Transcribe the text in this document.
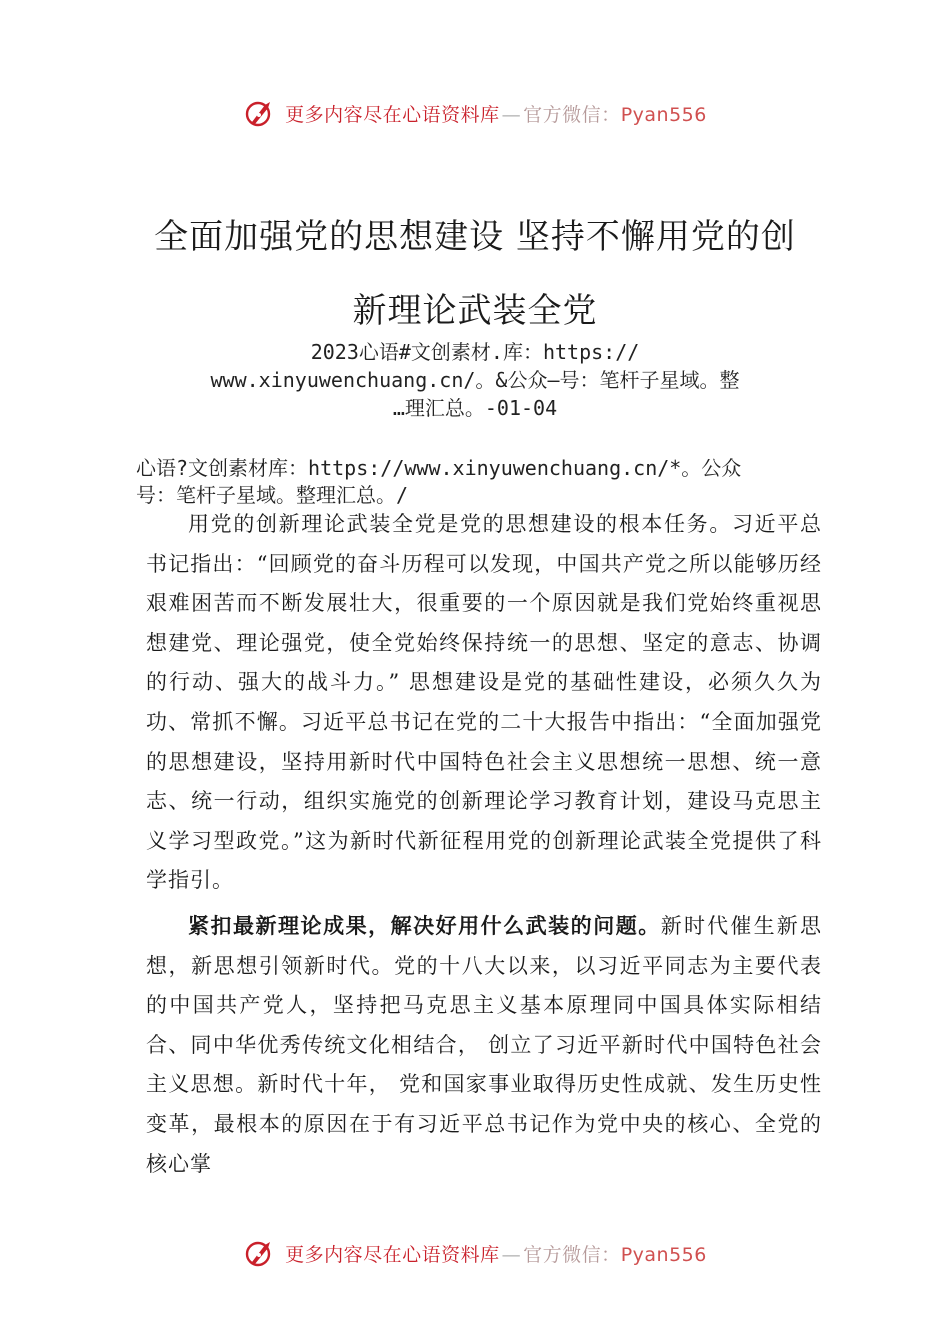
更多内容尽在心语资料库 — 官方微信：Pyan556
全面加强党的思想建设 坚持不懈用党的创
新理论武装全党
2023心语#文创素材.库：https://
www.xinyuwenchuang.cn/。&公众—号：笔杆子星域。整
…理汇总。-01-04
心语?文创素材库：https://www.xinyuwenchuang.cn/*。公众
号：笔杆子星域。整理汇总。/

用党的创新理论武装全党是党的思想建设的根本任务。习近平总书记指出：“回顾党的奋斗历程可以发现，中国共产党之所以能够历经艰难困苦而不断发展壮大，很重要的一个原因就是我们党始终重视思想建党、理论强党，使全党始终保持统一的思想、坚定的意志、协调的行动、强大的战斗力。” 思想建设是党的基础性建设，必须久久为功、常抓不懈。习近平总书记在党的二十大报告中指出：“全面加强党的思想建设，坚持用新时代中国特色社会主义思想统一思想、统一意志、统一行动，组织实施党的创新理论学习教育计划，建设马克思主义学习型政党。”这为新时代新征程用党的创新理论武装全党提供了科学指引。

紧扣最新理论成果，解决好用什么武装的问题。新时代催生新思想，新思想引领新时代。党的十八大以来，以习近平同志为主要代表的中国共产党人，坚持把马克思主义基本原理同中国具体实际相结合、同中华优秀传统文化相结合， 创立了习近平新时代中国特色社会主义思想。新时代十年， 党和国家事业取得历史性成就、发生历史性变革，最根本的原因在于有习近平总书记作为党中央的核心、全党的核心掌

更多内容尽在心语资料库 — 官方微信：Pyan556
